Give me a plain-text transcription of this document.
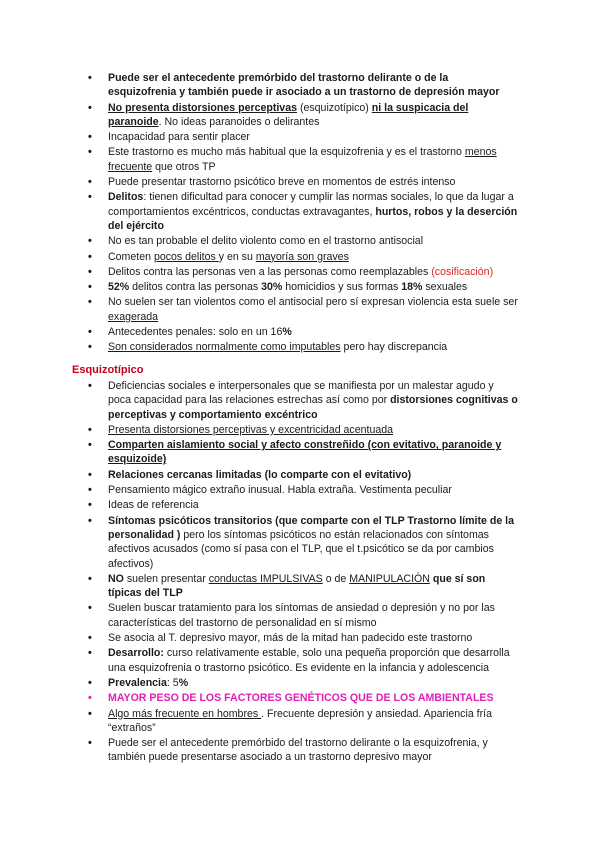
• Puede ser el antecedente premórbido del trastorno delirante o de la esquizofrenia y también puede ir asociado a un trastorno de depresión mayor
• No presenta distorsiones perceptivas (esquizotípico) ni la suspicacia del paranoide. No ideas paranoides o delirantes
• Incapacidad para sentir placer
• Este trastorno es mucho más habitual que la esquizofrenia y es el trastorno menos frecuente que otros TP
• Puede presentar trastorno psicótico breve en momentos de estrés intenso
• Delitos: tienen dificultad para conocer y cumplir las normas sociales, lo que da lugar a comportamientos excéntricos, conductas extravagantes, hurtos, robos y la deserción del ejército
• No es tan probable el delito violento como en el trastorno antisocial
• Cometen pocos delitos y en su mayoría son graves
• Delitos contra las personas ven a las personas como reemplazables (cosificación)
• 52% delitos contra las personas 30% homicidios y sus formas 18% sexuales
• No suelen ser tan violentos como el antisocial pero sí expresan violencia esta suele ser exagerada
• Antecedentes penales: solo en un 16%
• Son considerados normalmente como imputables pero hay discrepancia
Esquizotípico
• Deficiencias sociales e interpersonales que se manifiesta por un malestar agudo y poca capacidad para las relaciones estrechas así como por distorsiones cognitivas o perceptivas y comportamiento excéntrico
• Presenta distorsiones perceptivas y excentricidad acentuada
• Comparten aislamiento social y afecto constreñido (con evitativo, paranoide y esquizoide)
• Relaciones cercanas limitadas (lo comparte con el evitativo)
• Pensamiento mágico extraño inusual. Habla extraña. Vestimenta peculiar
• Ideas de referencia
• Síntomas psicóticos transitorios (que comparte con el TLP Trastorno límite de la personalidad ) pero los síntomas psicóticos no están relacionados con síntomas afectivos acusados (como sí pasa con el TLP, que el t.psicótico se da por cambios afectivos)
• NO suelen presentar conductas IMPULSIVAS o de MANIPULACIÓN que sí son típicas del TLP
• Suelen buscar tratamiento para los síntomas de ansiedad o depresión y no por las características del trastorno de personalidad en sí mismo
• Se asocia al T. depresivo mayor, más de la mitad han padecido este trastorno
• Desarrollo: curso relativamente estable, solo una pequeña proporción que desarrolla una esquizofrenia o trastorno psicótico. Es evidente en la infancia y adolescencia
• Prevalencia: 5%
• MAYOR PESO DE LOS FACTORES GENÉTICOS QUE DE LOS AMBIENTALES
• Algo más frecuente en hombres . Frecuente depresión y ansiedad. Apariencia fría “extraños”
• Puede ser el antecedente premórbido del trastorno delirante o la esquizofrenia, y también puede presentarse asociado a un trastorno depresivo mayor
